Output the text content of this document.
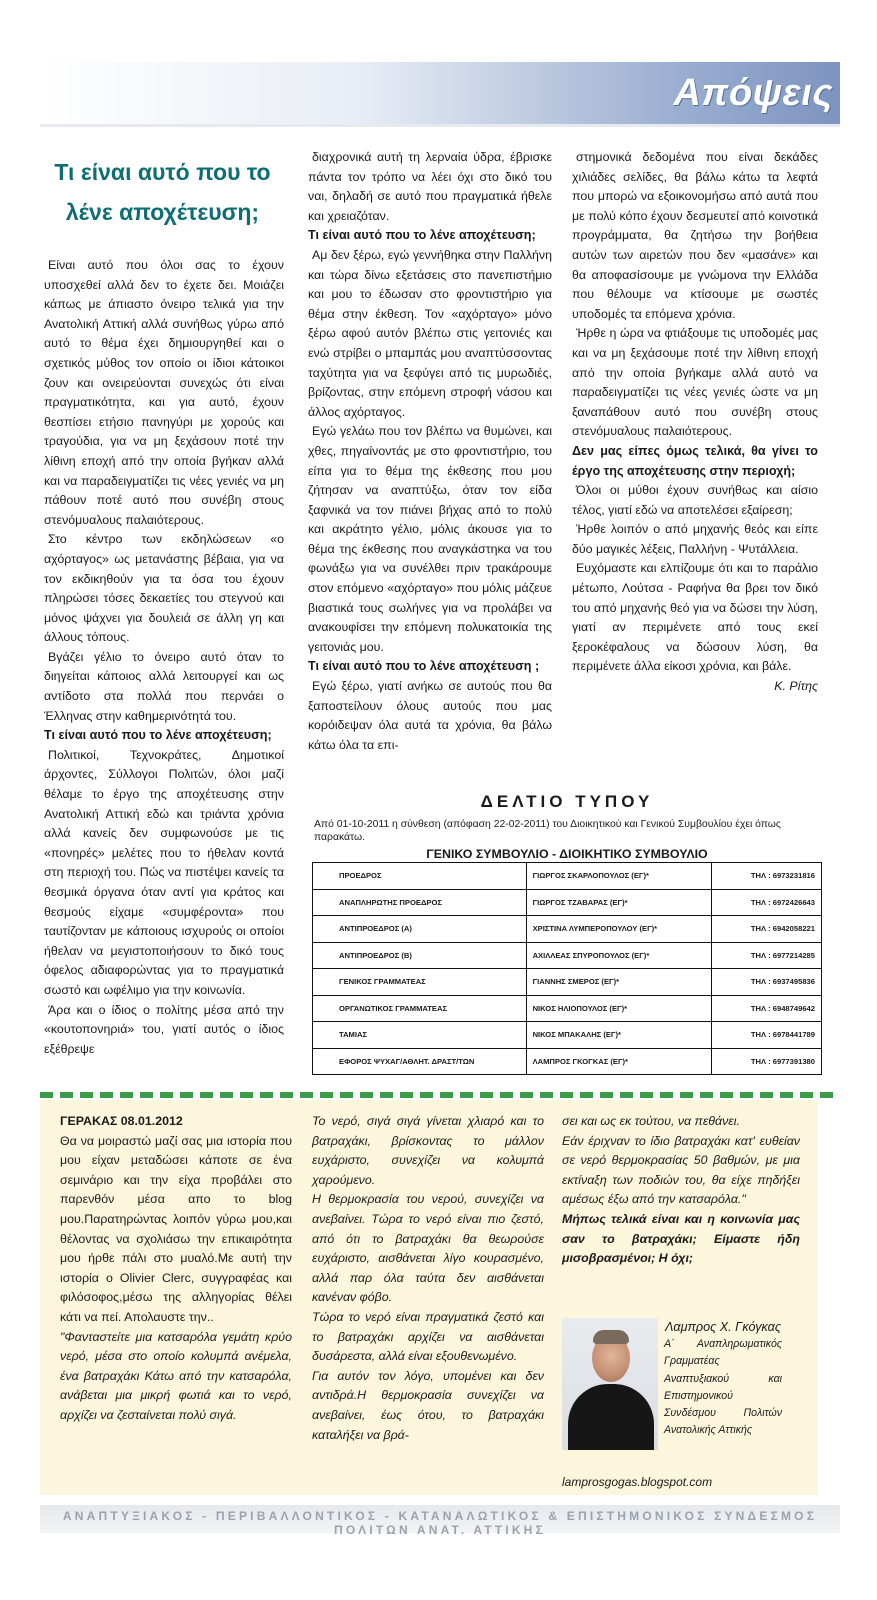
Απόψεις
Τι είναι αυτό που το λένε αποχέτευση;

Είναι αυτό που όλοι σας το έχουν υποσχεθεί αλλά δεν το έχετε δει. Μοιάζει κάπως με άπιαστο όνειρο τελικά για την Ανατολική Αττική αλλά συνήθως γύρω από αυτό το θέμα έχει δημιουργηθεί και ο σχετικός μύθος τον οποίο οι ίδιοι κάτοικοι ζουν και ονειρεύονται συνεχώς ότι είναι πραγματικότητα, και για αυτό, έχουν θεσπίσει ετήσιο πανηγύρι με χορούς και τραγούδια, για να μη ξεχάσουν ποτέ την λίθινη εποχή από την οποία βγήκαν αλλά και να παραδειγματίζει τις νέες γενιές να μη πάθουν ποτέ αυτό που συνέβη στους στενόμυαλους παλαιότερους.

Στο κέντρο των εκδηλώσεων «ο αχόρταγος» ως μετανάστης βέβαια, για να τον εκδικηθούν για τα όσα του έχουν πληρώσει τόσες δεκαετίες του στεγνού και μόνος ψάχνει για δουλειά σε άλλη γη και άλλους τόπους.

Βγάζει γέλιο το όνειρο αυτό όταν το διηγείται κάποιος αλλά λειτουργεί και ως αντίδοτο στα πολλά που περνάει ο Έλληνας στην καθημερινότητά του.

Τι είναι αυτό που το λένε αποχέτευση;

Πολιτικοί, Τεχνοκράτες, Δημοτικοί άρχοντες, Σύλλογοι Πολιτών, όλοι μαζί θέλαμε το έργο της αποχέτευσης στην Ανατολική Αττική εδώ και τριάντα χρόνια αλλά κανείς δεν συμφωνούσε με τις «πονηρές» μελέτες που το ήθελαν κοντά στη περιοχή του. Πώς να πιστέψει κανείς τα θεσμικά όργανα όταν αντί για κράτος και θεσμούς είχαμε «συμφέροντα» που ταυτίζονταν με κάποιους ισχυρούς οι οποίοι ήθελαν να μεγιστοποιήσουν το δικό τους όφελος αδιαφορώντας για το πραγματικά σωστό και ωφέλιμο για την κοινωνία.

Άρα και ο ίδιος ο πολίτης μέσα από την «κουτοπονηριά» του, γιατί αυτός ο ίδιος εξέθρεψε

διαχρονικά αυτή τη λερναία ύδρα, έβρισκε πάντα τον τρόπο να λέει όχι στο δικό του ναι, δηλαδή σε αυτό που πραγματικά ήθελε και χρειαζόταν.

Τι είναι αυτό που το λένε αποχέτευση;

Αμ δεν ξέρω, εγώ γεννήθηκα στην Παλλήνη και τώρα δίνω εξετάσεις στο πανεπιστήμιο και μου το έδωσαν στο φροντιστήριο για θέμα στην έκθεση. Τον «αχόρταγο» μόνο ξέρω αφού αυτόν βλέπω στις γειτονιές και ενώ στρίβει ο μπαμπάς μου αναπτύσσοντας ταχύτητα για να ξεφύγει από τις μυρωδιές, βρίζοντας, στην επόμενη στροφή νάσου και άλλος αχόρταγος.

Εγώ γελάω που τον βλέπω να θυμώνει, και χθες, πηγαίνοντάς με στο φροντιστήριο, του είπα για το θέμα της έκθεσης που μου ζήτησαν να αναπτύξω, όταν τον είδα ξαφνικά να τον πιάνει βήχας από το πολύ και ακράτητο γέλιο, μόλις άκουσε για το θέμα της έκθεσης που αναγκάστηκα να του φωνάξω για να συνέλθει πριν τρακάρουμε στον επόμενο «αχόρταγο» που μόλις μάζευε βιαστικά τους σωλήνες για να προλάβει να ανακουφίσει την επόμενη πολυκατοικία της γειτονιάς μου.

Τι είναι αυτό που το λένε αποχέτευση ;

Εγώ ξέρω, γιατί ανήκω σε αυτούς που θα ξαποστείλουν όλους αυτούς που μας κορόιδεψαν όλα αυτά τα χρόνια, θα βάλω κάτω όλα τα επι-

στημονικά δεδομένα που είναι δεκάδες χιλιάδες σελίδες, θα βάλω κάτω τα λεφτά που μπορώ να εξοικονομήσω από αυτά που με πολύ κόπο έχουν δεσμευτεί από κοινοτικά προγράμματα, θα ζητήσω την βοήθεια αυτών των αιρετών που δεν «μασάνε» και θα αποφασίσουμε με γνώμονα την Ελλάδα που θέλουμε να κτίσουμε με σωστές υποδομές τα επόμενα χρόνια.

Ήρθε η ώρα να φτιάξουμε τις υποδομές μας και να μη ξεχάσουμε ποτέ την λίθινη εποχή από την οποία βγήκαμε αλλά αυτό να παραδειγματίζει τις νέες γενιές ώστε να μη ξαναπάθουν αυτό που συνέβη στους στενόμυαλους παλαιότερους.

Δεν μας είπες όμως τελικά, θα γίνει το έργο της αποχέτευσης στην περιοχή;

Όλοι οι μύθοι έχουν συνήθως και αίσιο τέλος, γιατί εδώ να αποτελέσει εξαίρεση;

Ήρθε λοιπόν ο από μηχανής θεός και είπε δύο μαγικές λέξεις, Παλλήνη - Ψυτάλλεια.

Ευχόμαστε και ελπίζουμε ότι και το παράλιο μέτωπο, Λούτσα - Ραφήνα θα βρει τον δικό του από μηχανής θεό για να δώσει την λύση, γιατί αν περιμένετε από τους εκεί ξεροκέφαλους να δώσουν λύση, θα περιμένετε άλλα είκοσι χρόνια, και βάλε.

Κ. Ρίτης

ΔΕΛΤΙΟ ΤΥΠΟΥ
Από 01-10-2011 η σύνθεση (απόφαση 22-02-2011) του Διοικητικού και Γενικού Συμβουλίου έχει όπως παρακάτω.
ΓΕΝΙΚΟ ΣΥΜΒΟΥΛΙΟ - ΔΙΟΙΚΗΤΙΚΟ ΣΥΜΒΟΥΛΙΟ
ΠΡΟΕΔΡΟΣ	ΓΙΩΡΓΟΣ ΣΚΑΡΛΟΠΟΥΛΟΣ (ΕΓ)*	ΤΗΛ : 6973231816
ΑΝΑΠΛΗΡΩΤΗΣ ΠΡΟΕΔΡΟΣ	ΓΙΩΡΓΟΣ ΤΖΑΒΑΡΑΣ (ΕΓ)*	ΤΗΛ : 6972426643
ΑΝΤΙΠΡΟΕΔΡΟΣ (Α)	ΧΡΙΣΤΙΝΑ ΛΥΜΠΕΡΟΠΟΥΛΟΥ (ΕΓ)*	ΤΗΛ : 6942058221
ΑΝΤΙΠΡΟΕΔΡΟΣ (Β)	ΑΧΙΛΛΕΑΣ ΣΠΥΡΟΠΟΥΛΟΣ (ΕΓ)*	ΤΗΛ : 6977214285
ΓΕΝΙΚΟΣ ΓΡΑΜΜΑΤΕΑΣ	ΓΙΑΝΝΗΣ ΣΜΕΡΟΣ (ΕΓ)*	ΤΗΛ : 6937495836
ΟΡΓΑΝΩΤΙΚΟΣ ΓΡΑΜΜΑΤΕΑΣ	ΝΙΚΟΣ ΗΛΙΟΠΟΥΛΟΣ (ΕΓ)*	ΤΗΛ : 6948749642
ΤΑΜΙΑΣ	ΝΙΚΟΣ ΜΠΑΚΑΛΗΣ (ΕΓ)*	ΤΗΛ : 6978441789
ΕΦΟΡΟΣ ΨΥΧΑΓ/ΑΘΛΗΤ. ΔΡΑΣΤ/ΤΩΝ	ΛΑΜΠΡΟΣ ΓΚΟΓΚΑΣ (ΕΓ)*	ΤΗΛ : 6977391380
ΓΕΡΑΚΑΣ 08.01.2012

Θα να μοιραστώ μαζί σας μια ιστορία που μου είχαν μεταδώσει κάποτε σε ένα σεμινάριο και την είχα προβάλει στο παρενθόν μέσα απο το blog μου.Παρατηρώντας λοιπόν γύρω μου,και θέλοντας να σχολιάσω την επικαιρότητα μου ήρθε πάλι στο μυαλό.Με αυτή την ιστορία ο Olivier Clerc, συγγραφέας και φιλόσοφος,μέσω της αλληγορίας θέλει κάτι να πεί. Απολαυστε την..

"Φανταστείτε μια κατσαρόλα γεμάτη κρύο νερό, μέσα στο οποίο κολυμπά ανέμελα, ένα βατραχάκι Κάτω από την κατσαρόλα, ανάβεται μια μικρή φωτιά και το νερό, αρχίζει να ζεσταίνεται πολύ σιγά.

Το νερό, σιγά σιγά γίνεται χλιαρό και το βατραχάκι, βρίσκοντας το μάλλον ευχάριστο, συνεχίζει να κολυμπά χαρούμενο.

Η θερμοκρασία του νερού, συνεχίζει να ανεβαίνει. Τώρα το νερό είναι πιο ζεστό, από ότι το βατραχάκι θα θεωρούσε ευχάριστο, αισθάνεται λίγο κουρασμένο, αλλά παρ όλα ταύτα δεν αισθάνεται κανέναν φόβο.

Τώρα το νερό είναι πραγματικά ζεστό και το βατραχάκι αρχίζει να αισθάνεται δυσάρεστα, αλλά είναι εξουθενωμένο.

Για αυτόν τον λόγο, υπομένει και δεν αντιδρά.Η θερμοκρασία συνεχίζει να ανεβαίνει, έως ότου, το βατραχάκι καταλήξει να βρά-

σει και ως εκ τούτου, να πεθάνει.

Εάν έριχναν το ίδιο βατραχάκι κατ' ευθείαν σε νερό θερμοκρασίας 50 βαθμών, με μια εκτίναξη των ποδιών του, θα είχε πηδήξει αμέσως έξω από την κατσαρόλα."

Μήπως τελικά είναι και η κοινωνία μας σαν το βατραχάκι; Είμαστε ήδη μισοβρασμένοι; Η όχι;

Λαμπρος Χ. Γκόγκας
Α΄ Αναπληρωματικός Γραμματέας Αναπτυξιακού και Επιστημονικού Συνδέσμου Πολιτών Ανατολικής Αττικής
lamprosgogas.blogspot.com
ΑΝΑΠΤΥΞΙΑΚΟΣ - ΠΕΡΙΒΑΛΛΟΝΤΙΚΟΣ - ΚΑΤΑΝΑΛΩΤΙΚΟΣ & ΕΠΙΣΤΗΜΟΝΙΚΟΣ ΣΥΝΔΕΣΜΟΣ ΠΟΛΙΤΩΝ ΑΝΑΤ. ΑΤΤΙΚΗΣ
